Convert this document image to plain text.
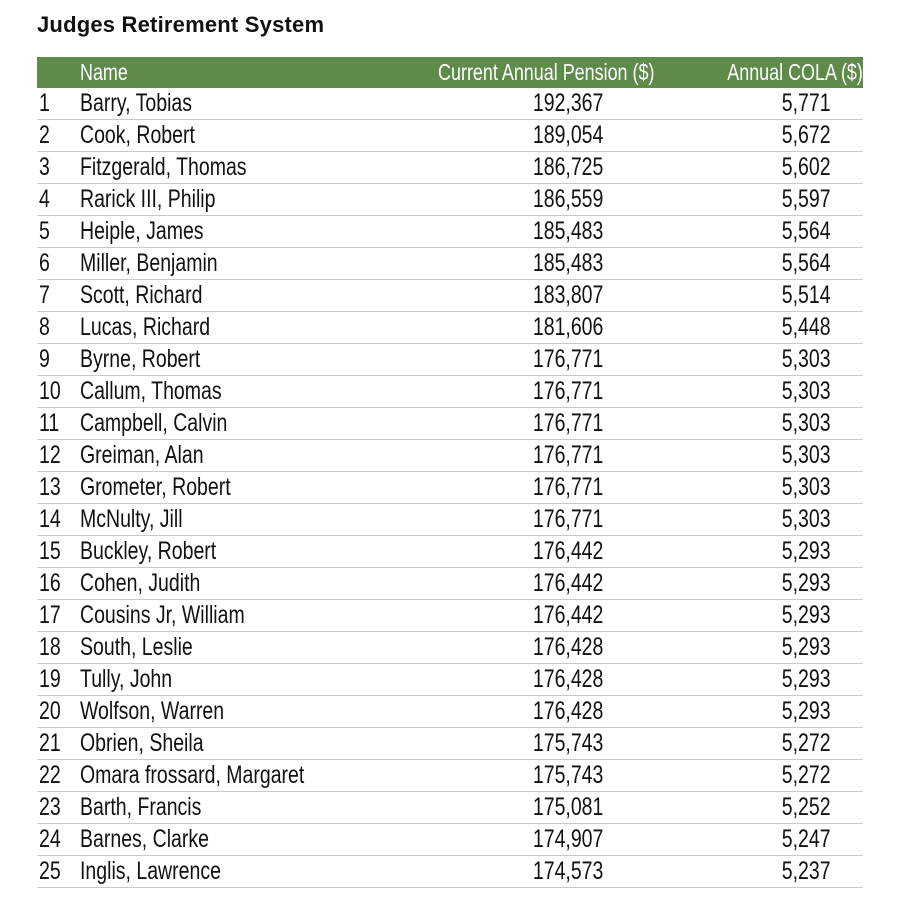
Judges Retirement System
Name	Current Annual Pension ($)	Annual COLA ($)
1	Barry, Tobias	192,367	5,771
2	Cook, Robert	189,054	5,672
3	Fitzgerald, Thomas	186,725	5,602
4	Rarick III, Philip	186,559	5,597
5	Heiple, James	185,483	5,564
6	Miller, Benjamin	185,483	5,564
7	Scott, Richard	183,807	5,514
8	Lucas, Richard	181,606	5,448
9	Byrne, Robert	176,771	5,303
10 Callum, Thomas	176,771	5,303
11 Campbell, Calvin	176,771	5,303
12 Greiman, Alan	176,771	5,303
13 Grometer, Robert	176,771	5,303
14 McNulty, Jill	176,771	5,303
15 Buckley, Robert	176,442	5,293
16 Cohen, Judith	176,442	5,293
17 Cousins Jr, William	176,442	5,293
18 South, Leslie	176,428	5,293
19 Tully, John	176,428	5,293
20 Wolfson, Warren	176,428	5,293
21 Obrien, Sheila	175,743	5,272
22 Omara frossard, Margaret	175,743	5,272
23 Barth, Francis	175,081	5,252
24 Barnes, Clarke	174,907	5,247
25 Inglis, Lawrence	174,573	5,237
